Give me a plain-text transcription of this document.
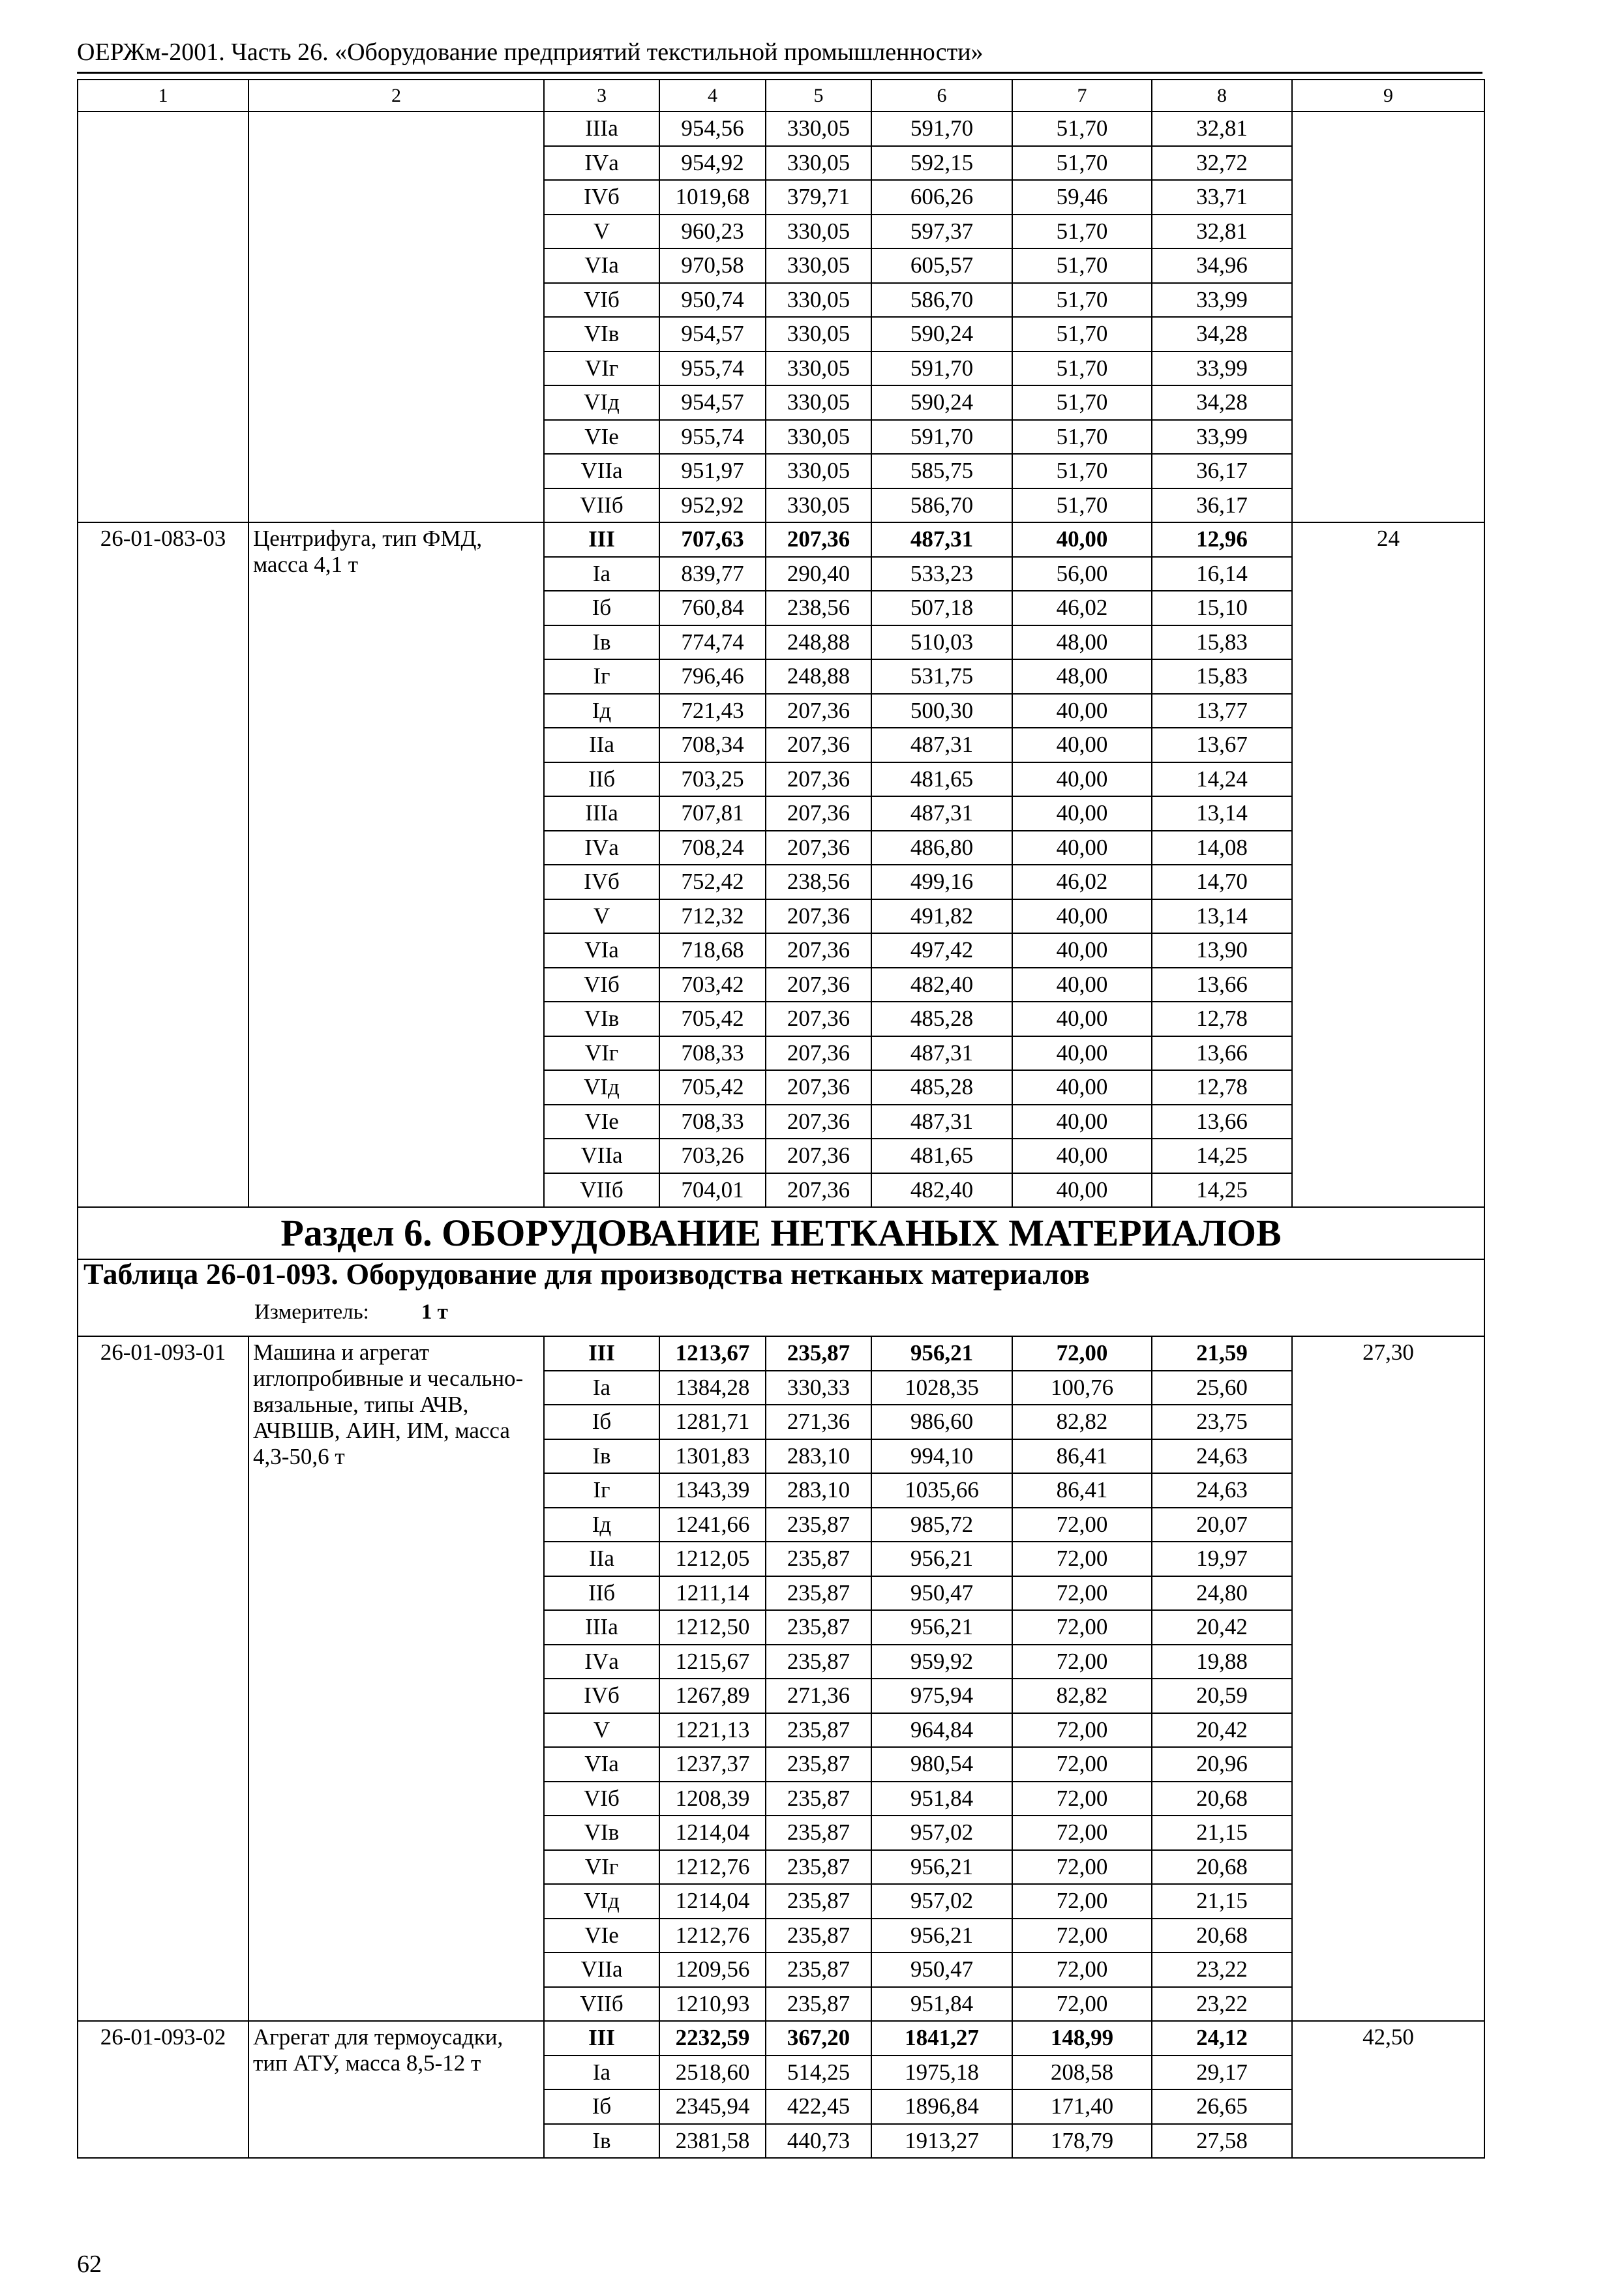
ОЕРЖм-2001. Часть 26. «Оборудование предприятий текстильной промышленности»
1	2	3	4	5	6	7	8	9
		IIIа	954,56	330,05	591,70	51,70	32,81	
		IVа	954,92	330,05	592,15	51,70	32,72	
		IVб	1019,68	379,71	606,26	59,46	33,71	
		V	960,23	330,05	597,37	51,70	32,81	
		VIа	970,58	330,05	605,57	51,70	34,96	
		VIб	950,74	330,05	586,70	51,70	33,99	
		VIв	954,57	330,05	590,24	51,70	34,28	
		VIг	955,74	330,05	591,70	51,70	33,99	
		VIд	954,57	330,05	590,24	51,70	34,28	
		VIе	955,74	330,05	591,70	51,70	33,99	
		VIIа	951,97	330,05	585,75	51,70	36,17	
		VIIб	952,92	330,05	586,70	51,70	36,17	
26-01-083-03	Центрифуга, тип ФМД, масса 4,1 т	III	707,63	207,36	487,31	40,00	12,96	24
		Iа	839,77	290,40	533,23	56,00	16,14	
		Iб	760,84	238,56	507,18	46,02	15,10	
		Iв	774,74	248,88	510,03	48,00	15,83	
		Iг	796,46	248,88	531,75	48,00	15,83	
		Iд	721,43	207,36	500,30	40,00	13,77	
		IIа	708,34	207,36	487,31	40,00	13,67	
		IIб	703,25	207,36	481,65	40,00	14,24	
		IIIа	707,81	207,36	487,31	40,00	13,14	
		IVа	708,24	207,36	486,80	40,00	14,08	
		IVб	752,42	238,56	499,16	46,02	14,70	
		V	712,32	207,36	491,82	40,00	13,14	
		VIа	718,68	207,36	497,42	40,00	13,90	
		VIб	703,42	207,36	482,40	40,00	13,66	
		VIв	705,42	207,36	485,28	40,00	12,78	
		VIг	708,33	207,36	487,31	40,00	13,66	
		VIд	705,42	207,36	485,28	40,00	12,78	
		VIе	708,33	207,36	487,31	40,00	13,66	
		VIIа	703,26	207,36	481,65	40,00	14,25	
		VIIб	704,01	207,36	482,40	40,00	14,25	
Раздел 6. ОБОРУДОВАНИЕ НЕТКАНЫХ МАТЕРИАЛОВ								

Таблица 26-01-093. Оборудование для производства нетканых материалов
Измеритель: 1 т								

26-01-093-01	Машина и агрегат иглопробивные и чесально-вязальные, типы АЧВ, АЧВШВ, АИН, ИМ, масса 4,3-50,6 т	III	1213,67	235,87	956,21	72,00	21,59	27,30
		Iа	1384,28	330,33	1028,35	100,76	25,60	
		Iб	1281,71	271,36	986,60	82,82	23,75	
		Iв	1301,83	283,10	994,10	86,41	24,63	
		Iг	1343,39	283,10	1035,66	86,41	24,63	
		Iд	1241,66	235,87	985,72	72,00	20,07	
		IIа	1212,05	235,87	956,21	72,00	19,97	
		IIб	1211,14	235,87	950,47	72,00	24,80	
		IIIа	1212,50	235,87	956,21	72,00	20,42	
		IVа	1215,67	235,87	959,92	72,00	19,88	
		IVб	1267,89	271,36	975,94	82,82	20,59	
		V	1221,13	235,87	964,84	72,00	20,42	
		VIа	1237,37	235,87	980,54	72,00	20,96	
		VIб	1208,39	235,87	951,84	72,00	20,68	
		VIв	1214,04	235,87	957,02	72,00	21,15	
		VIг	1212,76	235,87	956,21	72,00	20,68	
		VIд	1214,04	235,87	957,02	72,00	21,15	
		VIе	1212,76	235,87	956,21	72,00	20,68	
		VIIа	1209,56	235,87	950,47	72,00	23,22	
		VIIб	1210,93	235,87	951,84	72,00	23,22	
26-01-093-02	Агрегат для термоусадки, тип АТУ, масса 8,5-12 т	III	2232,59	367,20	1841,27	148,99	24,12	42,50
		Iа	2518,60	514,25	1975,18	208,58	29,17	
		Iб	2345,94	422,45	1896,84	171,40	26,65	
		Iв	2381,58	440,73	1913,27	178,79	27,58	
62
